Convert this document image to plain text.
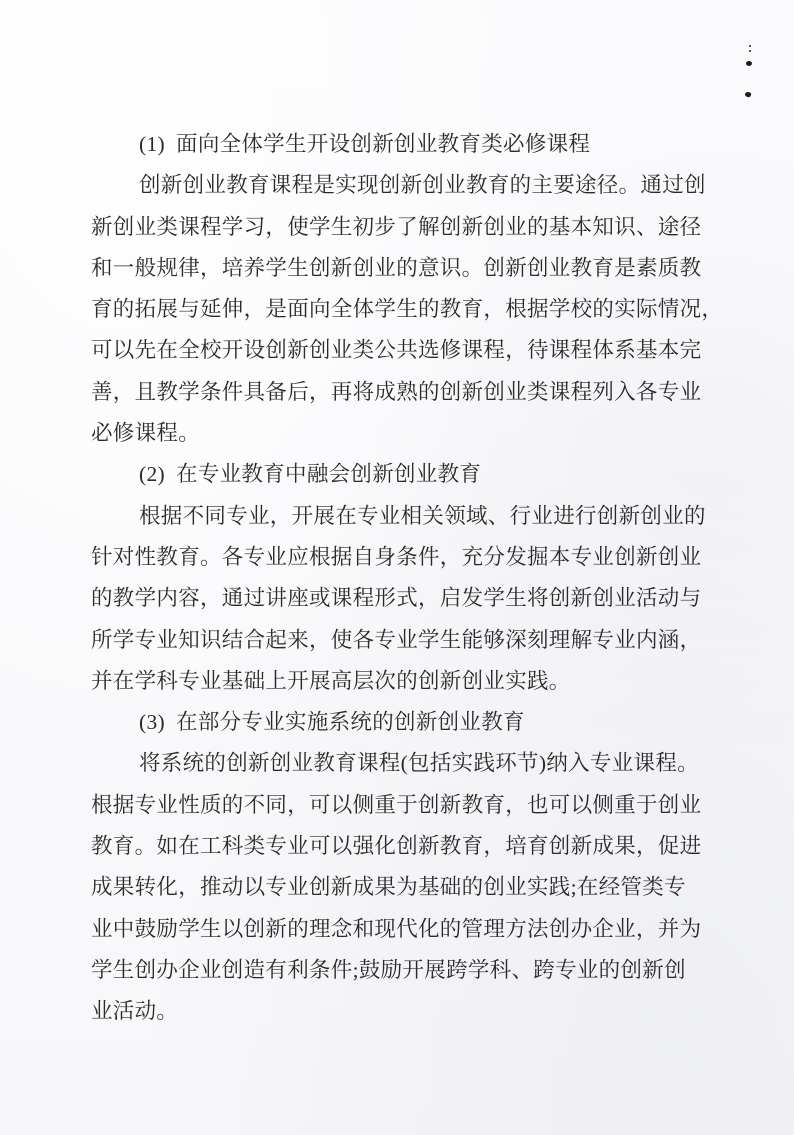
(1) 面向全体学生开设创新创业教育类必修课程
创新创业教育课程是实现创新创业教育的主要途径。通过创
新创业类课程学习，使学生初步了解创新创业的基本知识、途径
和一般规律，培养学生创新创业的意识。创新创业教育是素质教
育的拓展与延伸，是面向全体学生的教育，根据学校的实际情况，
可以先在全校开设创新创业类公共选修课程，待课程体系基本完
善，且教学条件具备后，再将成熟的创新创业类课程列入各专业
必修课程。
(2) 在专业教育中融会创新创业教育
根据不同专业，开展在专业相关领域、行业进行创新创业的
针对性教育。各专业应根据自身条件，充分发掘本专业创新创业
的教学内容，通过讲座或课程形式，启发学生将创新创业活动与
所学专业知识结合起来，使各专业学生能够深刻理解专业内涵，
并在学科专业基础上开展高层次的创新创业实践。
(3) 在部分专业实施系统的创新创业教育
将系统的创新创业教育课程(包括实践环节)纳入专业课程。
根据专业性质的不同，可以侧重于创新教育，也可以侧重于创业
教育。如在工科类专业可以强化创新教育，培育创新成果，促进
成果转化，推动以专业创新成果为基础的创业实践;在经管类专
业中鼓励学生以创新的理念和现代化的管理方法创办企业，并为
学生创办企业创造有利条件;鼓励开展跨学科、跨专业的创新创
业活动。
